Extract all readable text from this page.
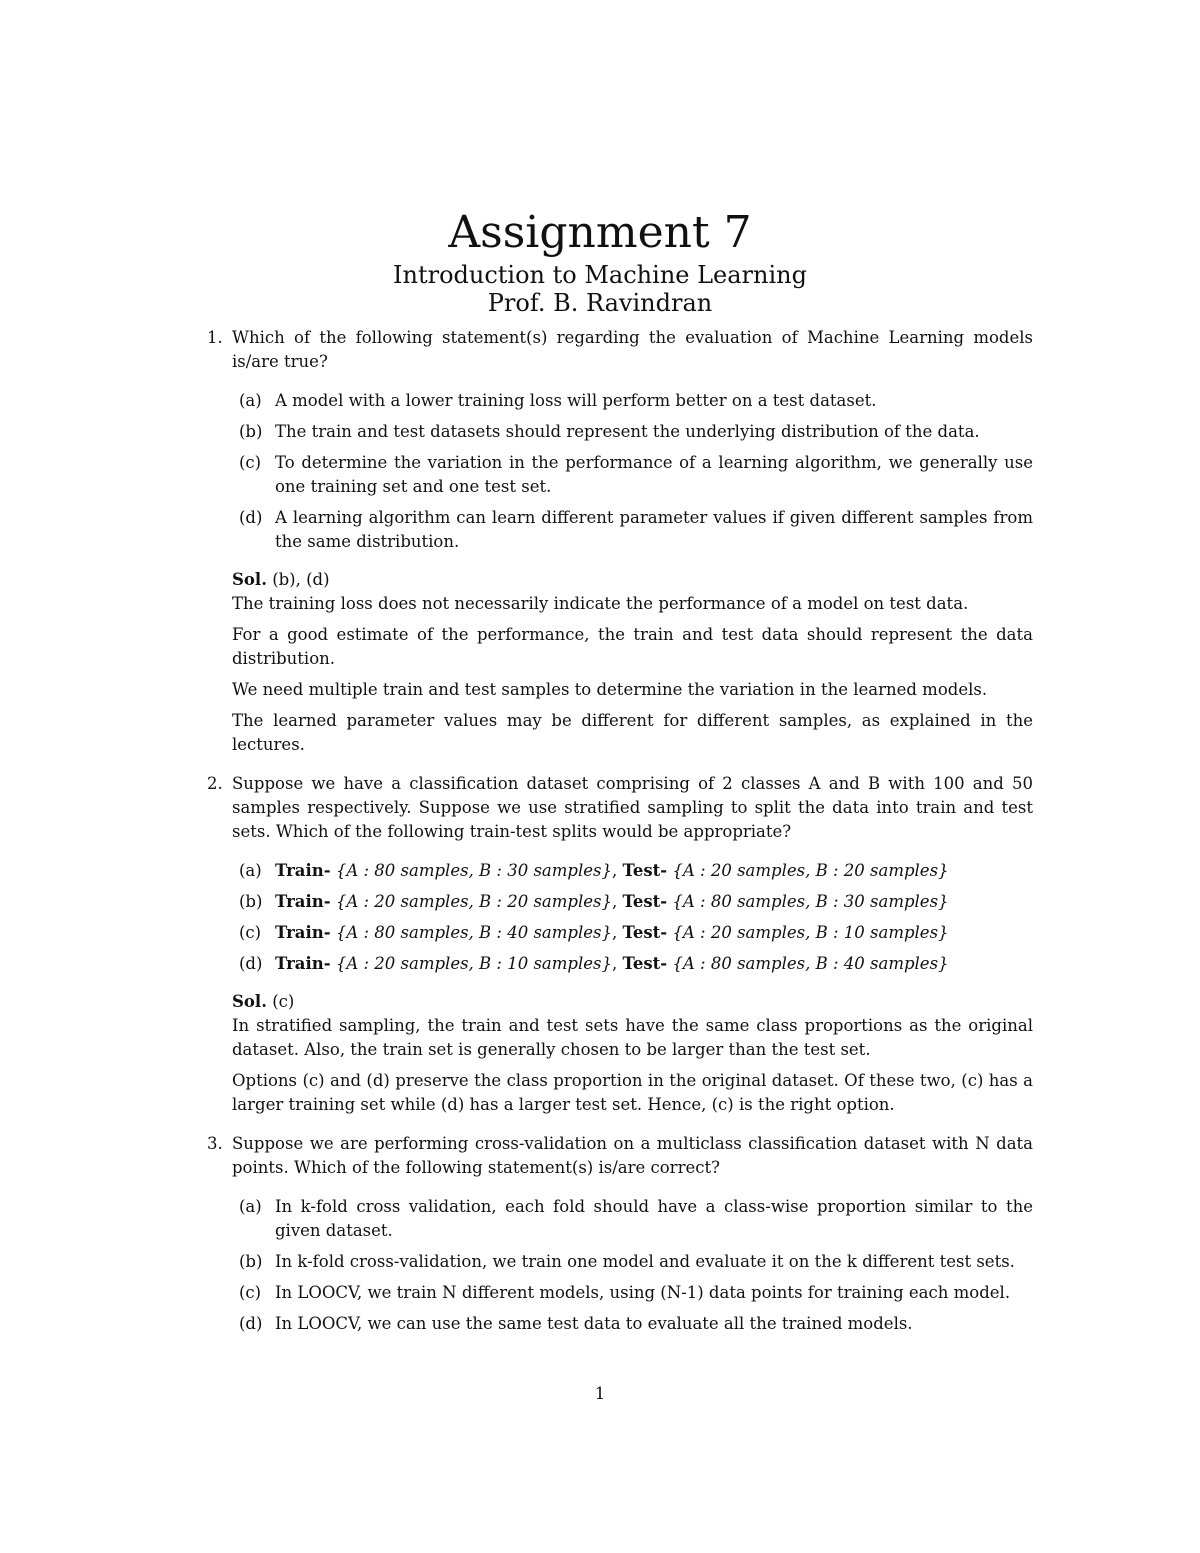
Assignment 7
Introduction to Machine Learning
Prof. B. Ravindran
1. Which of the following statement(s) regarding the evaluation of Machine Learning models is/are true?
(a) A model with a lower training loss will perform better on a test dataset.
(b) The train and test datasets should represent the underlying distribution of the data.
(c) To determine the variation in the performance of a learning algorithm, we generally use one training set and one test set.
(d) A learning algorithm can learn different parameter values if given different samples from the same distribution.
Sol. (b), (d)

The training loss does not necessarily indicate the performance of a model on test data.

For a good estimate of the performance, the train and test data should represent the data distribution.

We need multiple train and test samples to determine the variation in the learned models.

The learned parameter values may be different for different samples, as explained in the lectures.

2. Suppose we have a classification dataset comprising of 2 classes A and B with 100 and 50 samples respectively. Suppose we use stratified sampling to split the data into train and test sets. Which of the following train-test splits would be appropriate?
(a) Train- {A : 80 samples, B : 30 samples}, Test- {A : 20 samples, B : 20 samples}
(b) Train- {A : 20 samples, B : 20 samples}, Test- {A : 80 samples, B : 30 samples}
(c) Train- {A : 80 samples, B : 40 samples}, Test- {A : 20 samples, B : 10 samples}
(d) Train- {A : 20 samples, B : 10 samples}, Test- {A : 80 samples, B : 40 samples}
Sol. (c)

In stratified sampling, the train and test sets have the same class proportions as the original dataset. Also, the train set is generally chosen to be larger than the test set.

Options (c) and (d) preserve the class proportion in the original dataset. Of these two, (c) has a larger training set while (d) has a larger test set. Hence, (c) is the right option.

3. Suppose we are performing cross-validation on a multiclass classification dataset with N data points. Which of the following statement(s) is/are correct?
(a) In k-fold cross validation, each fold should have a class-wise proportion similar to the given dataset.
(b) In k-fold cross-validation, we train one model and evaluate it on the k different test sets.
(c) In LOOCV, we train N different models, using (N-1) data points for training each model.
(d) In LOOCV, we can use the same test data to evaluate all the trained models.
1
